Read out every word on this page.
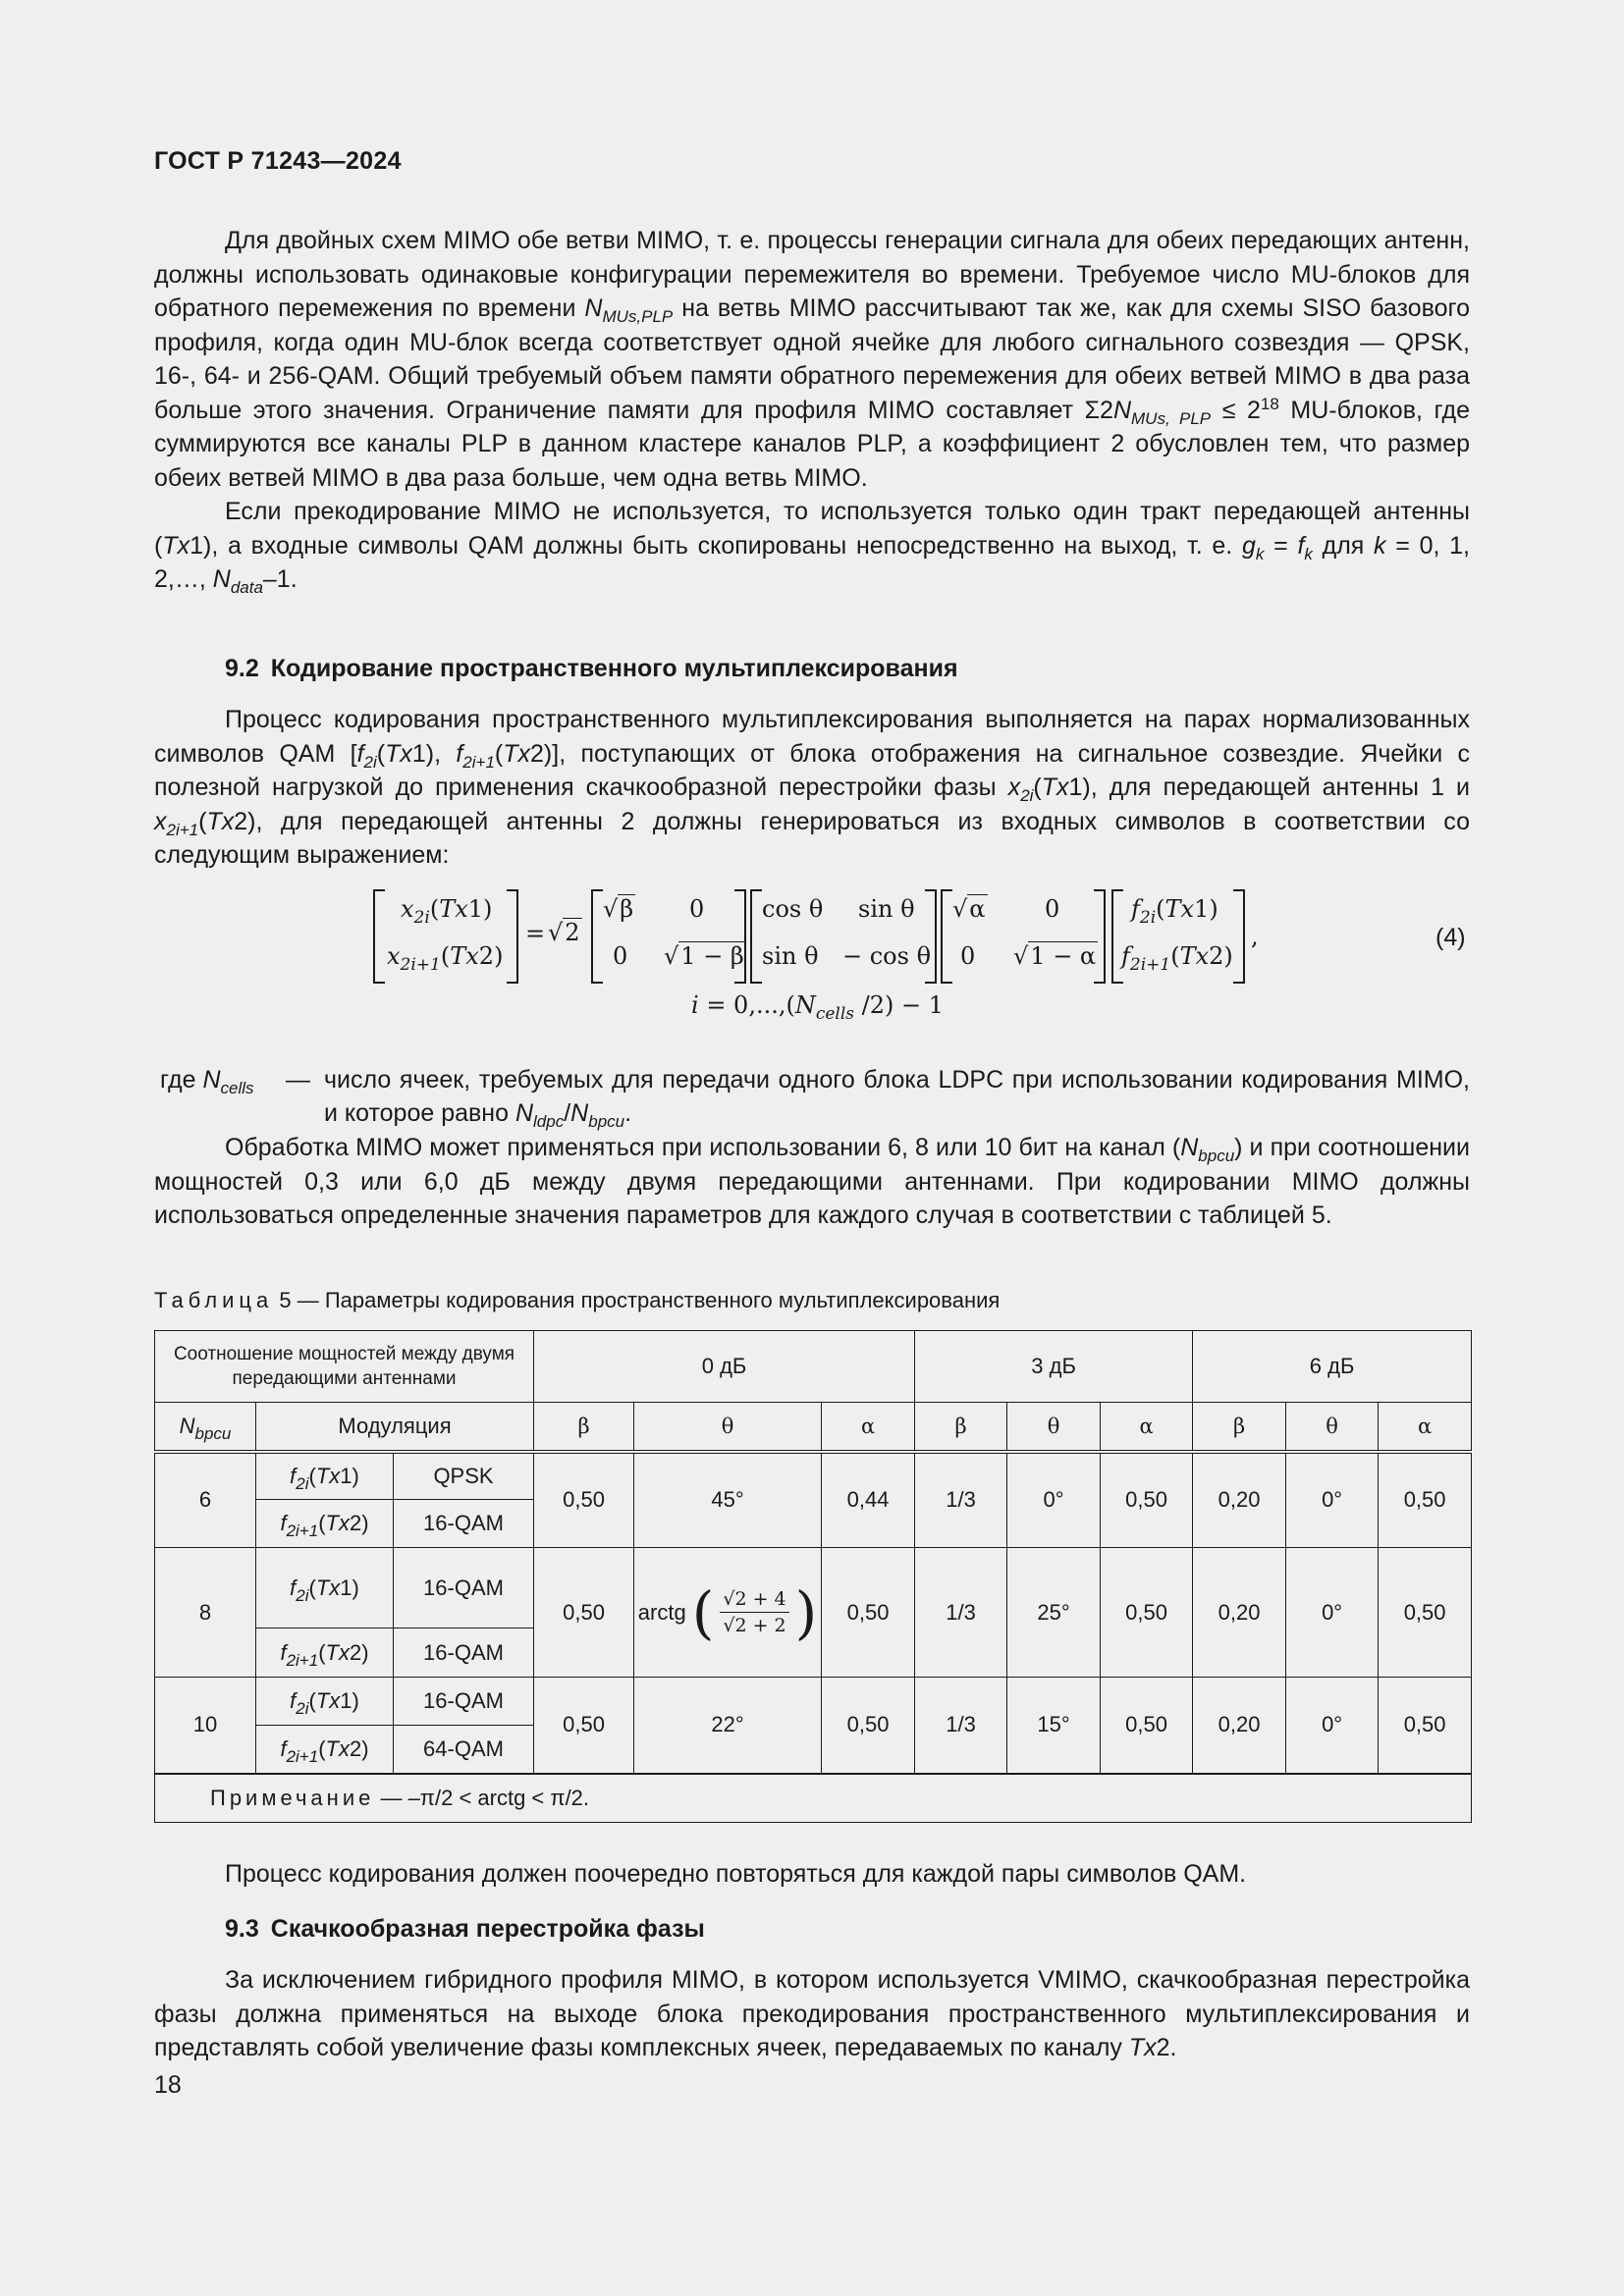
ГОСТ Р 71243—2024

Для двойных схем MIMO обе ветви MIMO, т. е. процессы генерации сигнала для обеих передающих антенн, должны использовать одинаковые конфигурации перемежителя во времени. Требуемое число MU-блоков для обратного перемежения по времени $N_{MUs,PLP}$ на ветвь MIMO рассчитывают так же, как для схемы SISO базового профиля, когда один MU-блок всегда соответствует одной ячейке для любого сигнального созвездия — QPSK, 16-, 64- и 256-QAM. Общий требуемый объем памяти обратного перемежения для обеих ветвей MIMO в два раза больше этого значения. Ограничение памяти для профиля MIMO составляет $\Sigma 2N_{MUs, PLP} \le 2^{18}$ MU-блоков, где суммируются все каналы PLP в данном кластере каналов PLP, а коэффициент 2 обусловлен тем, что размер обеих ветвей MIMO в два раза больше, чем одна ветвь MIMO.

Если прекодирование MIMO не используется, то используется только один тракт передающей антенны (Tx1), а входные символы QAM должны быть скопированы непосредственно на выход, т. е. $g_k = f_k$ для k = 0, 1, 2,…, $N_{data}-1$.

9.2 Кодирование пространственного мультиплексирования

Процесс кодирования пространственного мультиплексирования выполняется на парах нормализованных символов QAM [$f_{2i}(Tx1)$, $f_{2i+1}(Tx2)$], поступающих от блока отображения на сигнальное созвездие. Ячейки с полезной нагрузкой до применения скачкообразной перестройки фазы $x_{2i}(Tx1)$, для передающей антенны 1 и $x_{2i+1}(Tx2)$, для передающей антенны 2 должны генерироваться из входных символов в соответствии со следующим выражением:

$x_{2i}(Tx1)$
$x_{2i+1}(Tx2)$
= √2
√β 0
0 √1 − β
cos θ sin θ
sin θ − cos θ
√α	0
0 √1 − α
$f_{2i}(Tx1)$
$f_{2i+1}(Tx2)$
,
$i = 0,...,(N_{cells}$ /2) − 1
(4)
где $N_{cells}$ — число ячеек, требуемых для передачи одного блока LDPC при использовании кодирования MIMO, и которое равно $N_{ldpc}/N_{bpcu}$.

Обработка MIMO может применяться при использовании 6, 8 или 10 бит на канал $(N_{bpcu})$ и при соотношении мощностей 0,3 или 6,0 дБ между двумя передающими антеннами. При кодировании MIMO должны использоваться определенные значения параметров для каждого случая в соответствии с таблицей 5.

Таблица 5 — Параметры кодирования пространственного мультиплексирования
Соотношение мощностей между двумя передающими антеннами			0 дБ			3 дБ			6 дБ		
$N_{bpcu}$	Модуляция		β	θ	α	β	θ	α	β	θ	α
6	$f_{2i}(Tx1)$	QPSK	0,50	45°	0,44	1/3	0°	0,50	0,20	0°	0,50
	$f_{2i+1}(Tx2)$	16-QAM									
8	$f_{2i}(Tx1)$	16-QAM	0,50	arctg ( $\frac{√2 + 4}{√2 + 2}$ )	0,50	1/3	25°	0,50	0,20	0°	0,50
	$f_{2i+1}(Tx2)$	16-QAM									
10	$f_{2i}(Tx1)$	16-QAM	0,50	22°	0,50	1/3	15°	0,50	0,20	0°	0,50
	$f_{2i+1}(Tx2)$	64-QAM									
Примечание — –π/2 < arctg < π/2.											

Процесс кодирования должен поочередно повторяться для каждой пары символов QAM.

9.3 Скачкообразная перестройка фазы

За исключением гибридного профиля MIMO, в котором используется VMIMO, скачкообразная перестройка фазы должна применяться на выходе блока прекодирования пространственного мультиплексирования и представлять собой увеличение фазы комплексных ячеек, передаваемых по каналу Tx2.

18
